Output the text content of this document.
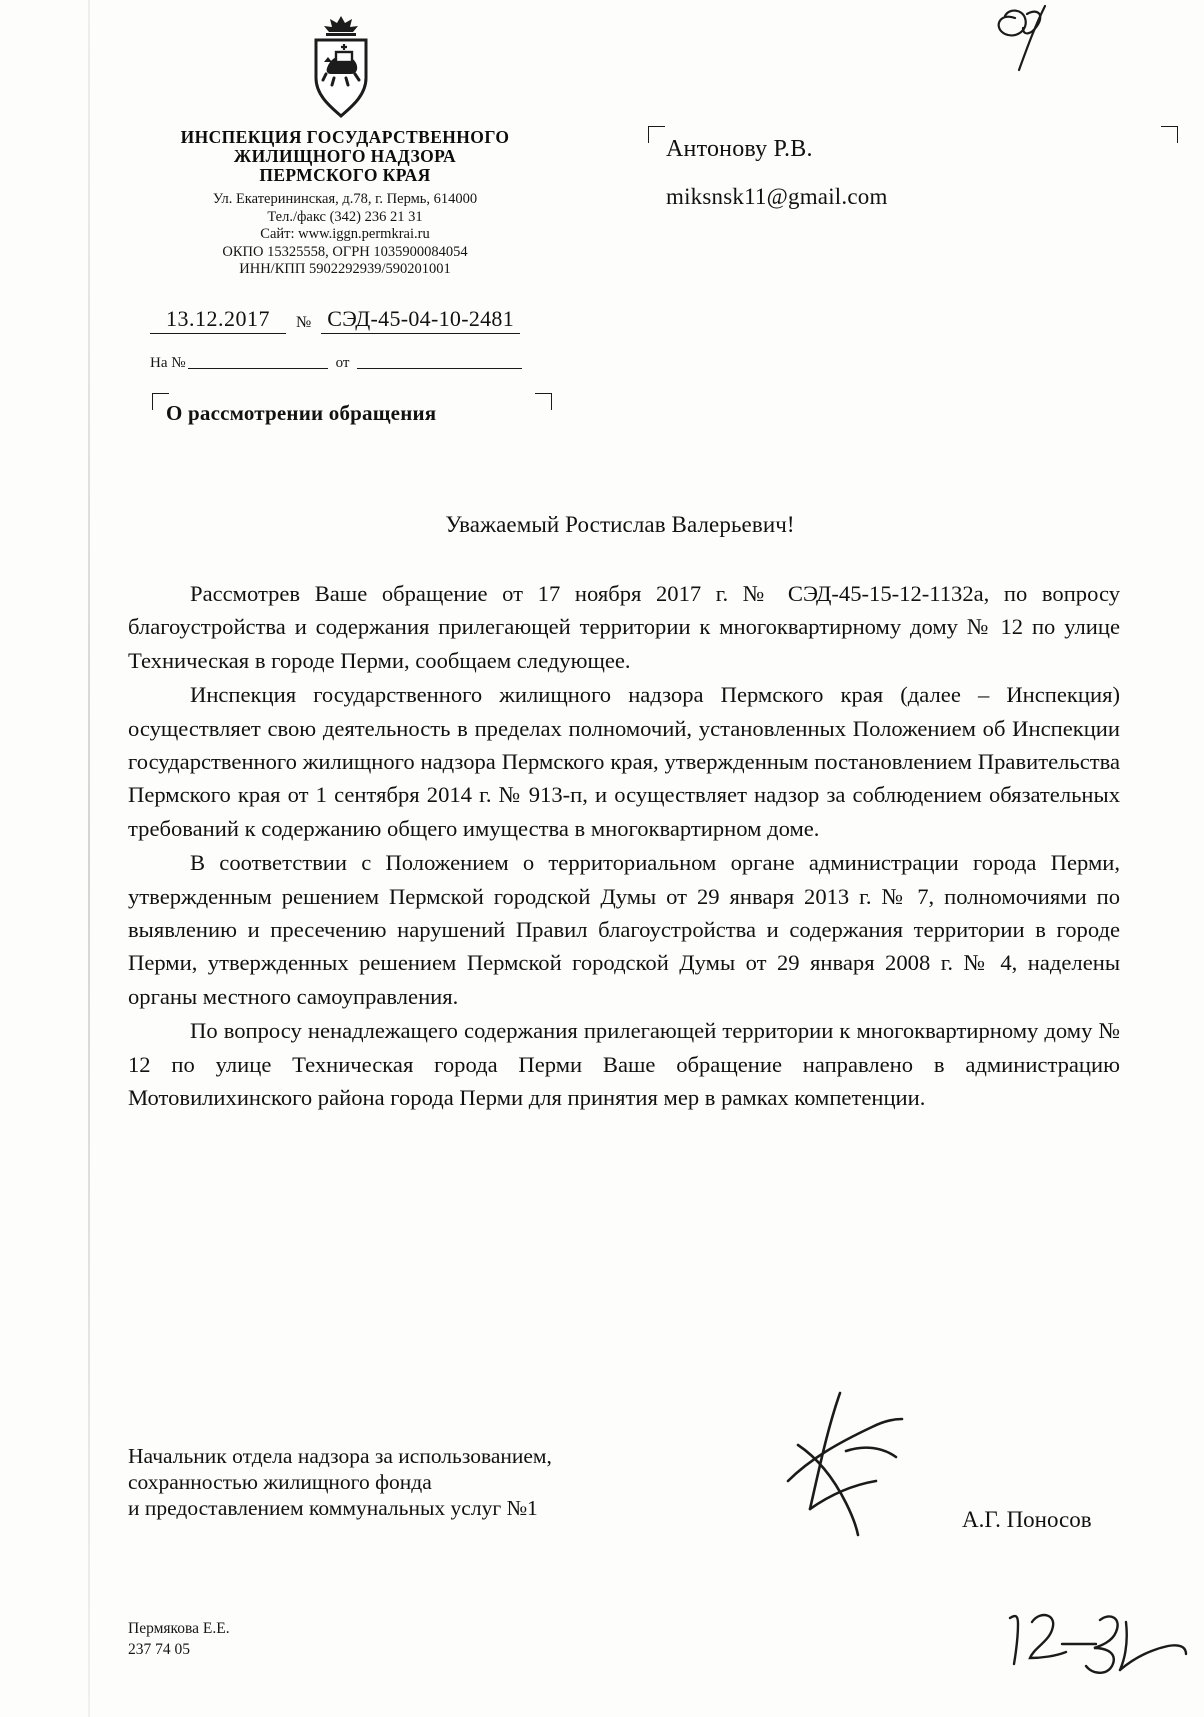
ИНСПЕКЦИЯ ГОСУДАРСТВЕННОГО
ЖИЛИЩНОГО НАДЗОРА
ПЕРМСКОГО КРАЯ
Ул. Екатерининская, д.78, г. Пермь, 614000
Тел./факс (342) 236 21 31
Сайт: www.iggn.permkrai.ru
ОКПО 15325558, ОГРН 1035900084054
ИНН/КПП 5902292939/590201001
13.12.2017	№ СЭД-45-04-10-2481
На №	от
О рассмотрении обращения
Антонову Р.В.
miksnsk11@gmail.com
Уважаемый Ростислав Валерьевич!

Рассмотрев Ваше обращение от 17 ноября 2017 г. № СЭД-45-15-12-1132а, по вопросу благоустройства и содержания прилегающей территории к многоквартирному дому № 12 по улице Техническая в городе Перми, сообщаем следующее.

Инспекция государственного жилищного надзора Пермского края (далее – Инспекция) осуществляет свою деятельность в пределах полномочий, установленных Положением об Инспекции государственного жилищного надзора Пермского края, утвержденным постановлением Правительства Пермского края от 1 сентября 2014 г. № 913-п, и осуществляет надзор за соблюдением обязательных требований к содержанию общего имущества в многоквартирном доме.

В соответствии с Положением о территориальном органе администрации города Перми, утвержденным решением Пермской городской Думы от 29 января 2013 г. № 7, полномочиями по выявлению и пресечению нарушений Правил благоустройства и содержания территории в городе Перми, утвержденных решением Пермской городской Думы от 29 января 2008 г. № 4, наделены органы местного самоуправления.

По вопросу ненадлежащего содержания прилегающей территории к многоквартирному дому № 12 по улице Техническая города Перми Ваше обращение направлено в администрацию Мотовилихинского района города Перми для принятия мер в рамках компетенции.

Начальник отдела надзора за использованием,
сохранностью жилищного фонда
и предоставлением коммунальных услуг №1	А.Г. Поносов
Пермякова Е.Е.
237 74 05
